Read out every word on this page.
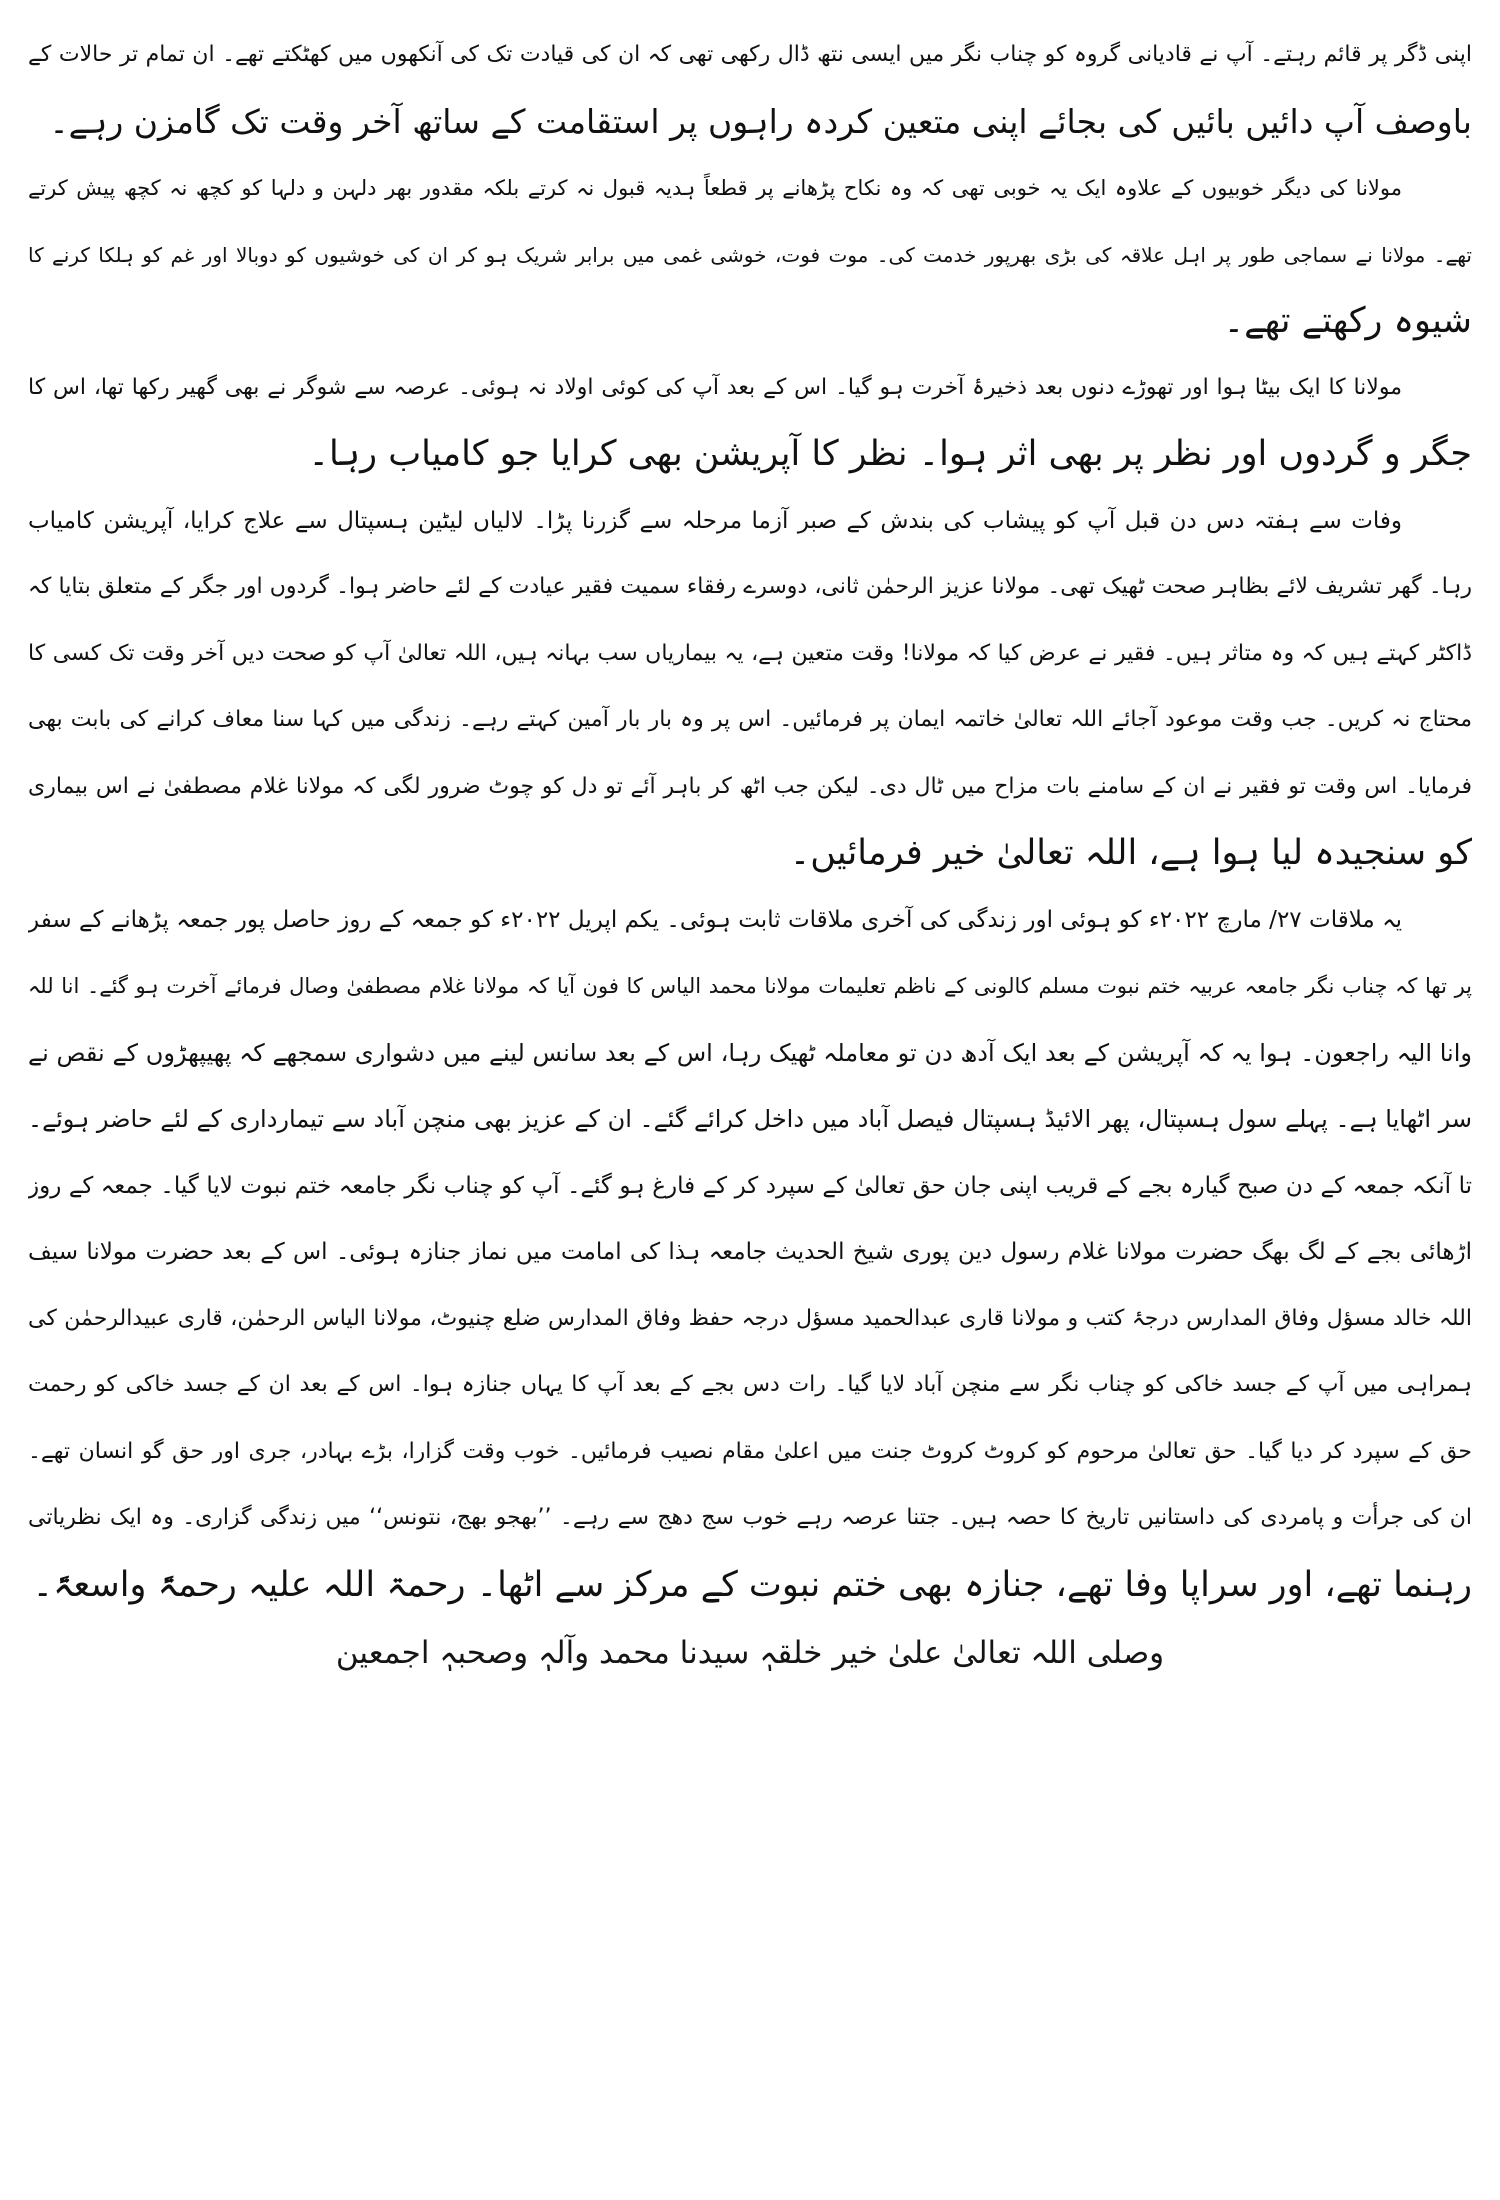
اپنی ڈگر پر قائم رہتے۔ آپ نے قادیانی گروہ کو چناب نگر میں ایسی نتھ ڈال رکھی تھی کہ ان کی قیادت تک کی آنکھوں میں کھٹکتے تھے۔ ان تمام تر حالات کے
باوصف آپ دائیں بائیں کی بجائے اپنی متعین کردہ راہوں پر استقامت کے ساتھ آخر وقت تک گامزن رہے۔
مولانا کی دیگر خوبیوں کے علاوہ ایک یہ خوبی تھی کہ وہ نکاح پڑھانے پر قطعاً ہدیہ قبول نہ کرتے بلکہ مقدور بھر دلہن و دلہا کو کچھ نہ کچھ پیش کرتے
تھے۔ مولانا نے سماجی طور پر اہل علاقہ کی بڑی بھرپور خدمت کی۔ موت فوت، خوشی غمی میں برابر شریک ہو کر ان کی خوشیوں کو دوبالا اور غم کو ہلکا کرنے کا
شیوہ رکھتے تھے۔
مولانا کا ایک بیٹا ہوا اور تھوڑے دنوں بعد ذخیرۂ آخرت ہو گیا۔ اس کے بعد آپ کی کوئی اولاد نہ ہوئی۔ عرصہ سے شوگر نے بھی گھیر رکھا تھا، اس کا
جگر و گردوں اور نظر پر بھی اثر ہوا۔ نظر کا آپریشن بھی کرایا جو کامیاب رہا۔
وفات سے ہفتہ دس دن قبل آپ کو پیشاب کی بندش کے صبر آزما مرحلہ سے گزرنا پڑا۔ لالیاں لیٹین ہسپتال سے علاج کرایا، آپریشن کامیاب
رہا۔ گھر تشریف لائے بظاہر صحت ٹھیک تھی۔ مولانا عزیز الرحمٰن ثانی، دوسرے رفقاء سمیت فقیر عیادت کے لئے حاضر ہوا۔ گردوں اور جگر کے متعلق بتایا کہ
ڈاکٹر کہتے ہیں کہ وہ متاثر ہیں۔ فقیر نے عرض کیا کہ مولانا! وقت متعین ہے، یہ بیماریاں سب بہانہ ہیں، اللہ تعالیٰ آپ کو صحت دیں آخر وقت تک کسی کا
محتاج نہ کریں۔ جب وقت موعود آجائے اللہ تعالیٰ خاتمہ ایمان پر فرمائیں۔ اس پر وہ بار بار آمین کہتے رہے۔ زندگی میں کہا سنا معاف کرانے کی بابت بھی
فرمایا۔ اس وقت تو فقیر نے ان کے سامنے بات مزاح میں ٹال دی۔ لیکن جب اٹھ کر باہر آئے تو دل کو چوٹ ضرور لگی کہ مولانا غلام مصطفیٰ نے اس بیماری
کو سنجیدہ لیا ہوا ہے، اللہ تعالیٰ خیر فرمائیں۔
یہ ملاقات ۲۷/ مارچ ۲۰۲۲ء کو ہوئی اور زندگی کی آخری ملاقات ثابت ہوئی۔ یکم اپریل ۲۰۲۲ء کو جمعہ کے روز حاصل پور جمعہ پڑھانے کے سفر
پر تھا کہ چناب نگر جامعہ عربیہ ختم نبوت مسلم کالونی کے ناظم تعلیمات مولانا محمد الیاس کا فون آیا کہ مولانا غلام مصطفیٰ وصال فرمائے آخرت ہو گئے۔ انا للہ
وانا الیہ راجعون۔ ہوا یہ کہ آپریشن کے بعد ایک آدھ دن تو معاملہ ٹھیک رہا، اس کے بعد سانس لینے میں دشواری سمجھے کہ پھیپھڑوں کے نقص نے
سر اٹھایا ہے۔ پہلے سول ہسپتال، پھر الائیڈ ہسپتال فیصل آباد میں داخل کرائے گئے۔ ان کے عزیز بھی منچن آباد سے تیمارداری کے لئے حاضر ہوئے۔
تا آنکہ جمعہ کے دن صبح گیارہ بجے کے قریب اپنی جان حق تعالیٰ کے سپرد کر کے فارغ ہو گئے۔ آپ کو چناب نگر جامعہ ختم نبوت لایا گیا۔ جمعہ کے روز
اڑھائی بجے کے لگ بھگ حضرت مولانا غلام رسول دین پوری شیخ الحدیث جامعہ ہذا کی امامت میں نماز جنازہ ہوئی۔ اس کے بعد حضرت مولانا سیف
اللہ خالد مسؤل وفاق المدارس درجۂ کتب و مولانا قاری عبدالحمید مسؤل درجہ حفظ وفاق المدارس ضلع چنیوٹ، مولانا الیاس الرحمٰن، قاری عبیدالرحمٰن کی
ہمراہی میں آپ کے جسد خاکی کو چناب نگر سے منچن آباد لایا گیا۔ رات دس بجے کے بعد آپ کا یہاں جنازہ ہوا۔ اس کے بعد ان کے جسد خاکی کو رحمت
حق کے سپرد کر دیا گیا۔ حق تعالیٰ مرحوم کو کروٹ کروٹ جنت میں اعلیٰ مقام نصیب فرمائیں۔ خوب وقت گزارا، بڑے بہادر، جری اور حق گو انسان تھے۔
ان کی جرأت و پامردی کی داستانیں تاریخ کا حصہ ہیں۔ جتنا عرصہ رہے خوب سج دھج سے رہے۔ ’’بھجو بھج، نتونس‘‘ میں زندگی گزاری۔ وہ ایک نظریاتی
رہنما تھے، اور سراپا وفا تھے، جنازہ بھی ختم نبوت کے مرکز سے اٹھا۔ رحمۃ اللہ علیہ رحمۃً واسعۃً۔
وصلی اللہ تعالیٰ علیٰ خیر خلقہٖ سیدنا محمد وآلہٖ وصحبہٖ اجمعین
